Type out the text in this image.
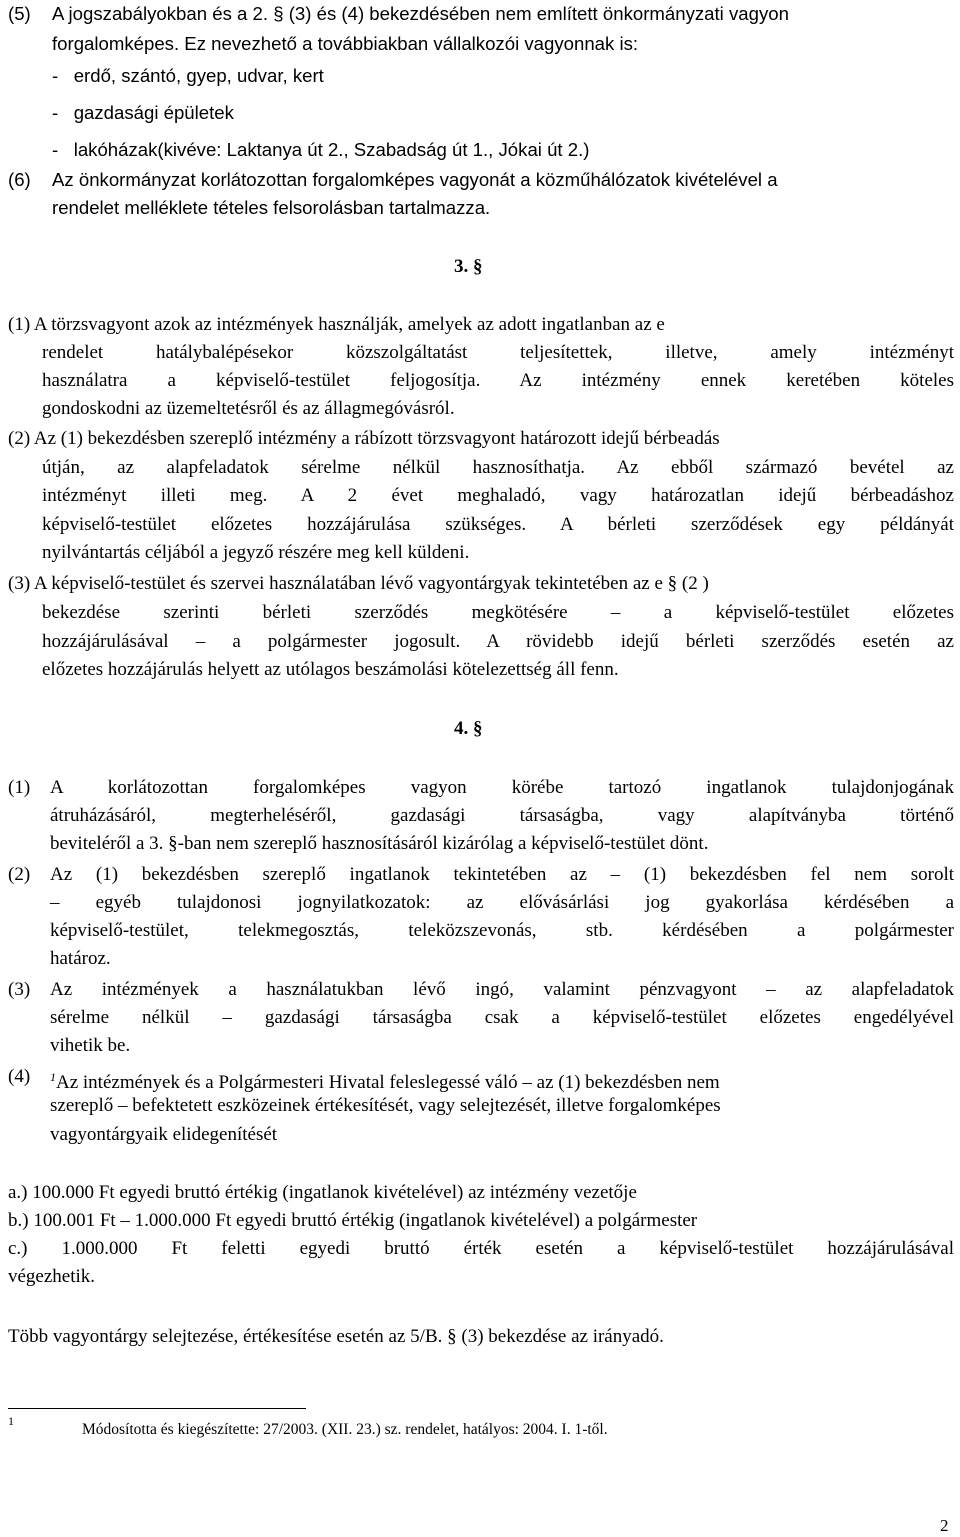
(5) A jogszabályokban és a 2. § (3) és (4) bekezdésében nem említett önkormányzati vagyon
forgalomképes. Ez nevezhető a továbbiakban vállalkozói vagyonnak is:
-   erdő, szántó, gyep, udvar, kert
-   gazdasági épületek
-   lakóházak(kivéve: Laktanya út 2., Szabadság út 1., Jókai út 2.)
(6) Az önkormányzat korlátozottan forgalomképes vagyonát a közműhálózatok kivételével a
rendelet melléklete tételes felsorolásban tartalmazza.
3. §
(1) A törzsvagyont azok az intézmények használják, amelyek az adott ingatlanban az e
rendelet hatálybalépésekor közszolgáltatást teljesítettek, illetve, amely intézményt
használatra a képviselő-testület feljogosítja. Az intézmény ennek keretében köteles
gondoskodni az üzemeltetésről és az állagmegóvásról.
(2) Az (1) bekezdésben szereplő intézmény a rábízott törzsvagyont határozott idejű bérbeadás
útján, az alapfeladatok sérelme nélkül hasznosíthatja. Az ebből származó bevétel az
intézményt illeti meg. A 2 évet meghaladó, vagy határozatlan idejű bérbeadáshoz
képviselő-testület előzetes hozzájárulása szükséges. A bérleti szerződések egy példányát
nyilvántartás céljából a jegyző részére meg kell küldeni.
(3) A képviselő-testület és szervei használatában lévő vagyontárgyak tekintetében az e § (2 )
bekezdése szerinti bérleti szerződés megkötésére – a képviselő-testület előzetes
hozzájárulásával – a polgármester jogosult. A rövidebb idejű bérleti szerződés esetén az
előzetes hozzájárulás helyett az utólagos beszámolási kötelezettség áll fenn.
4. §
(1) A korlátozottan forgalomképes vagyon körébe tartozó ingatlanok tulajdonjogának
átruházásáról, megterheléséről, gazdasági társaságba, vagy alapítványba történő
beviteléről a 3. §-ban nem szereplő hasznosításáról kizárólag a képviselő-testület dönt.
(2) Az (1) bekezdésben szereplő ingatlanok tekintetében az – (1) bekezdésben fel nem sorolt
– egyéb tulajdonosi jognyilatkozatok: az elővásárlási jog gyakorlása kérdésében a
képviselő-testület, telekmegosztás, teleközszevonás, stb. kérdésében a polgármester
határoz.
(3) Az intézmények a használatukban lévő ingó, valamint pénzvagyont – az alapfeladatok
sérelme nélkül – gazdasági társaságba csak a képviselő-testület előzetes engedélyével
vihetik be.
(4) $^1$Az intézmények és a Polgármesteri Hivatal feleslegessé váló – az (1) bekezdésben nem
szereplő – befektetett eszközeinek értékesítését, vagy selejtezését, illetve forgalomképes
vagyontárgyaik elidegenítését
a.) 100.000 Ft egyedi bruttó értékig (ingatlanok kivételével) az intézmény vezetője
b.) 100.001 Ft – 1.000.000 Ft egyedi bruttó értékig (ingatlanok kivételével) a polgármester
c.) 1.000.000 Ft feletti egyedi bruttó érték esetén a képviselő-testület hozzájárulásával
végezhetik.
Több vagyontárgy selejtezése, értékesítése esetén az 5/B. § (3) bekezdése az irányadó.
1	Módosította és kiegészítette: 27/2003. (XII. 23.) sz. rendelet, hatályos: 2004. I. 1-től.
2
